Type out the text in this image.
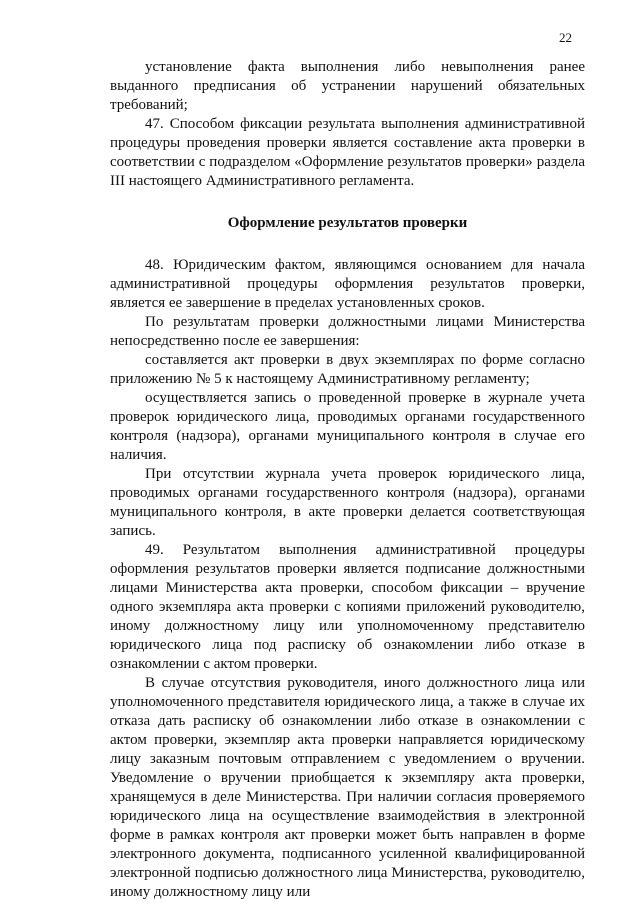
22

установление факта выполнения либо невыполнения ранее выданного предписания об устранении нарушений обязательных требований;

47. Способом фиксации результата выполнения административной процедуры проведения проверки является составление акта проверки в соответствии с подразделом «Оформление результатов проверки» раздела III настоящего Административного регламента.

Оформление результатов проверки

48. Юридическим фактом, являющимся основанием для начала административной процедуры оформления результатов проверки, является ее завершение в пределах установленных сроков.

По результатам проверки должностными лицами Министерства непосредственно после ее завершения:

составляется акт проверки в двух экземплярах по форме согласно приложению № 5 к настоящему Административному регламенту;

осуществляется запись о проведенной проверке в журнале учета проверок юридического лица, проводимых органами государственного контроля (надзора), органами муниципального контроля в случае его наличия.

При отсутствии журнала учета проверок юридического лица, проводимых органами государственного контроля (надзора), органами муниципального контроля, в акте проверки делается соответствующая запись.

49. Результатом выполнения административной процедуры оформления результатов проверки является подписание должностными лицами Министерства акта проверки, способом фиксации – вручение одного экземпляра акта проверки с копиями приложений руководителю, иному должностному лицу или уполномоченному представителю юридического лица под расписку об ознакомлении либо отказе в ознакомлении с актом проверки.

В случае отсутствия руководителя, иного должностного лица или уполномоченного представителя юридического лица, а также в случае их отказа дать расписку об ознакомлении либо отказе в ознакомлении с актом проверки, экземпляр акта проверки направляется юридическому лицу заказным почтовым отправлением с уведомлением о вручении. Уведомление о вручении приобщается к экземпляру акта проверки, хранящемуся в деле Министерства. При наличии согласия проверяемого юридического лица на осуществление взаимодействия в электронной форме в рамках контроля акт проверки может быть направлен в форме электронного документа, подписанного усиленной квалифицированной электронной подписью должностного лица Министерства, руководителю, иному должностному лицу или
